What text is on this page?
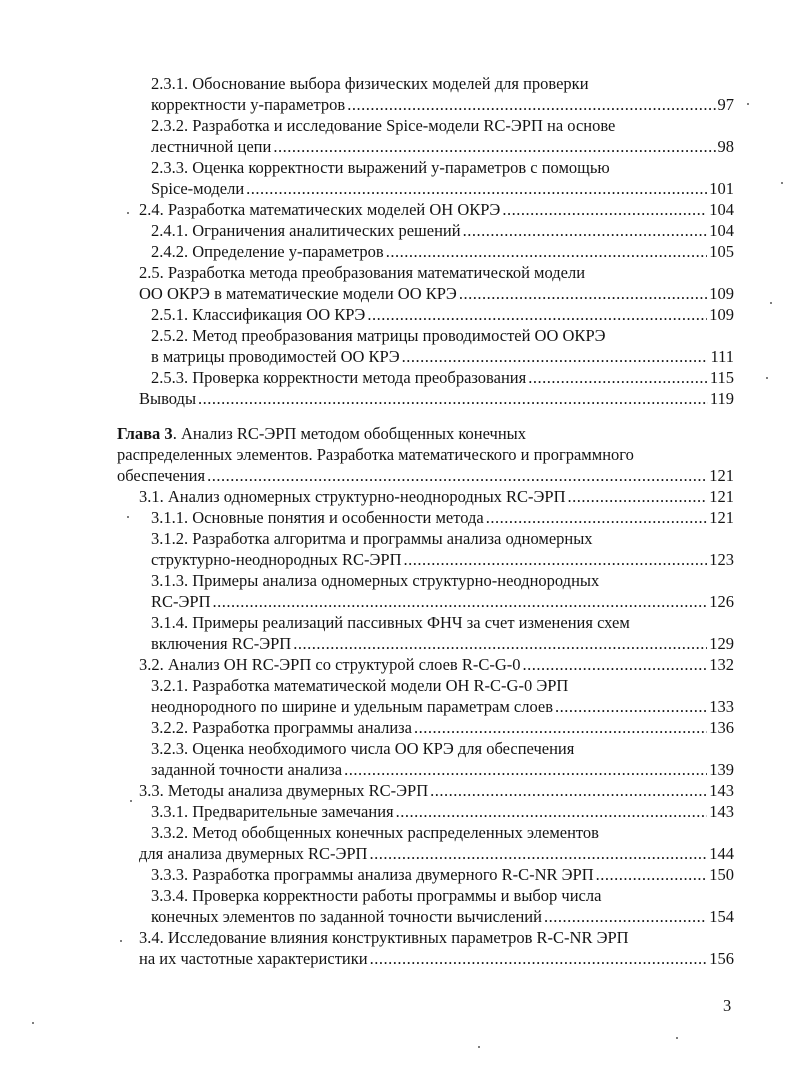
2.3.1. Обоснование выбора физических моделей для проверки
корректности y-параметров .....	97
2.3.2. Разработка и исследование Spice-модели RC-ЭРП на основе
лестничной цепи .....	98
2.3.3. Оценка корректности выражений y-параметров с помощью
Spice-модели .....	101
2.4. Разработка математических моделей ОН ОКРЭ .....	104
2.4.1. Ограничения аналитических решений .....	104
2.4.2. Определение y-параметров .....	105
2.5. Разработка метода преобразования математической модели
ОО ОКРЭ в математические модели ОО КРЭ .....	109
2.5.1. Классификация ОО КРЭ .....	109
2.5.2. Метод преобразования матрицы проводимостей ОО ОКРЭ
в матрицы проводимостей ОО КРЭ .....	111
2.5.3. Проверка корректности метода преобразования .....	115
Выводы .....	119
Глава 3. Анализ RC-ЭРП методом обобщенных конечных
распределенных элементов. Разработка математического и программного
обеспечения .....	121
3.1. Анализ одномерных структурно-неоднородных RC-ЭРП .....	121
3.1.1. Основные понятия и особенности метода .....	121
3.1.2. Разработка алгоритма и программы анализа одномерных
структурно-неоднородных RC-ЭРП .....	123
3.1.3. Примеры анализа одномерных структурно-неоднородных
RC-ЭРП .....	126
3.1.4. Примеры реализаций пассивных ФНЧ за счет изменения схем
включения RC-ЭРП .....	129
3.2. Анализ ОН RC-ЭРП со структурой слоев R-C-G-0 .....	132
3.2.1. Разработка математической модели ОН R-C-G-0 ЭРП
неоднородного по ширине и удельным параметрам слоев .....	133
3.2.2. Разработка программы анализа .....	136
3.2.3. Оценка необходимого числа ОО КРЭ для обеспечения
заданной точности анализа .....	139
3.3. Методы анализа двумерных RC-ЭРП .....	143
3.3.1. Предварительные замечания .....	143
3.3.2. Метод обобщенных конечных распределенных элементов
для анализа двумерных RC-ЭРП .....	144
3.3.3. Разработка программы анализа двумерного R-C-NR ЭРП .....	150
3.3.4. Проверка корректности работы программы и выбор числа
конечных элементов по заданной точности вычислений .....	154
3.4. Исследование влияния конструктивных параметров R-C-NR ЭРП
на их частотные характеристики .....	156
3
